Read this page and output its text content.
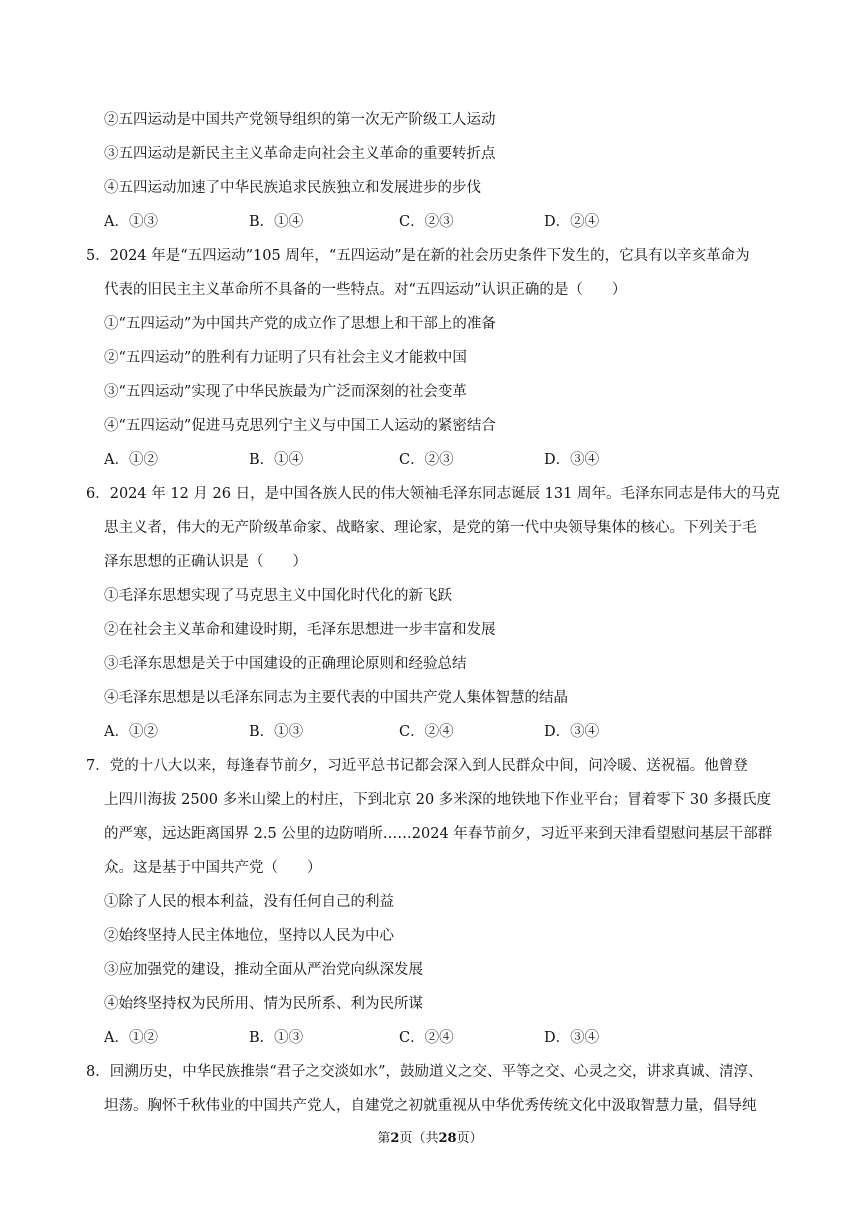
②五四运动是中国共产党领导组织的第一次无产阶级工人运动
③五四运动是新民主主义革命走向社会主义革命的重要转折点
④五四运动加速了中华民族追求民族独立和发展进步的步伐
A．①③	B．①④	C．②③	D．②④
5．2024 年是“五四运动”105 周年，“五四运动”是在新的社会历史条件下发生的，它具有以辛亥革命为
代表的旧民主主义革命所不具备的一些特点。对“五四运动”认识正确的是（　　）
①“五四运动”为中国共产党的成立作了思想上和干部上的准备
②“五四运动”的胜利有力证明了只有社会主义才能救中国
③“五四运动”实现了中华民族最为广泛而深刻的社会变革
④“五四运动”促进马克思列宁主义与中国工人运动的紧密结合
A．①②	B．①④	C．②③	D．③④
6．2024 年 12 月 26 日，是中国各族人民的伟大领袖毛泽东同志诞辰 131 周年。毛泽东同志是伟大的马克
思主义者，伟大的无产阶级革命家、战略家、理论家，是党的第一代中央领导集体的核心。下列关于毛
泽东思想的正确认识是（　　）
①毛泽东思想实现了马克思主义中国化时代化的新飞跃
②在社会主义革命和建设时期，毛泽东思想进一步丰富和发展
③毛泽东思想是关于中国建设的正确理论原则和经验总结
④毛泽东思想是以毛泽东同志为主要代表的中国共产党人集体智慧的结晶
A．①②	B．①③	C．②④	D．③④
7．党的十八大以来，每逢春节前夕，习近平总书记都会深入到人民群众中间，问冷暖、送祝福。他曾登
上四川海拔 2500 多米山梁上的村庄，下到北京 20 多米深的地铁地下作业平台；冒着零下 30 多摄氏度
的严寒，远达距离国界 2.5 公里的边防哨所……2024 年春节前夕，习近平来到天津看望慰问基层干部群
众。这是基于中国共产党（　　）
①除了人民的根本利益，没有任何自己的利益
②始终坚持人民主体地位，坚持以人民为中心
③应加强党的建设，推动全面从严治党向纵深发展
④始终坚持权为民所用、情为民所系、利为民所谋
A．①②	B．①③	C．②④	D．③④
8．回溯历史，中华民族推崇“君子之交淡如水”，鼓励道义之交、平等之交、心灵之交，讲求真诚、清淳、
坦荡。胸怀千秋伟业的中国共产党人，自建党之初就重视从中华优秀传统文化中汲取智慧力量，倡导纯
第2页（共28页）
